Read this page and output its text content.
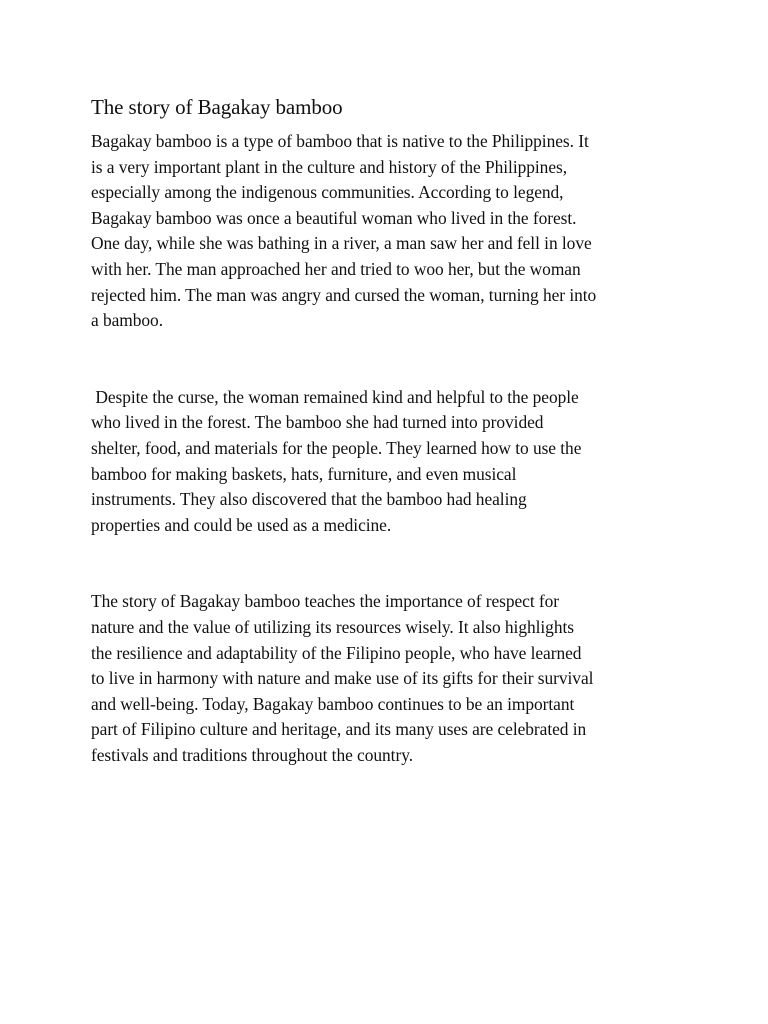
The story of Bagakay bamboo

Bagakay bamboo is a type of bamboo that is native to the Philippines. It
is a very important plant in the culture and history of the Philippines,
especially among the indigenous communities. According to legend,
Bagakay bamboo was once a beautiful woman who lived in the forest.
One day, while she was bathing in a river, a man saw her and fell in love
with her. The man approached her and tried to woo her, but the woman
rejected him. The man was angry and cursed the woman, turning her into
a bamboo.

Despite the curse, the woman remained kind and helpful to the people
who lived in the forest. The bamboo she had turned into provided
shelter, food, and materials for the people. They learned how to use the
bamboo for making baskets, hats, furniture, and even musical
instruments. They also discovered that the bamboo had healing
properties and could be used as a medicine.

The story of Bagakay bamboo teaches the importance of respect for
nature and the value of utilizing its resources wisely. It also highlights
the resilience and adaptability of the Filipino people, who have learned
to live in harmony with nature and make use of its gifts for their survival
and well-being. Today, Bagakay bamboo continues to be an important
part of Filipino culture and heritage, and its many uses are celebrated in
festivals and traditions throughout the country.
